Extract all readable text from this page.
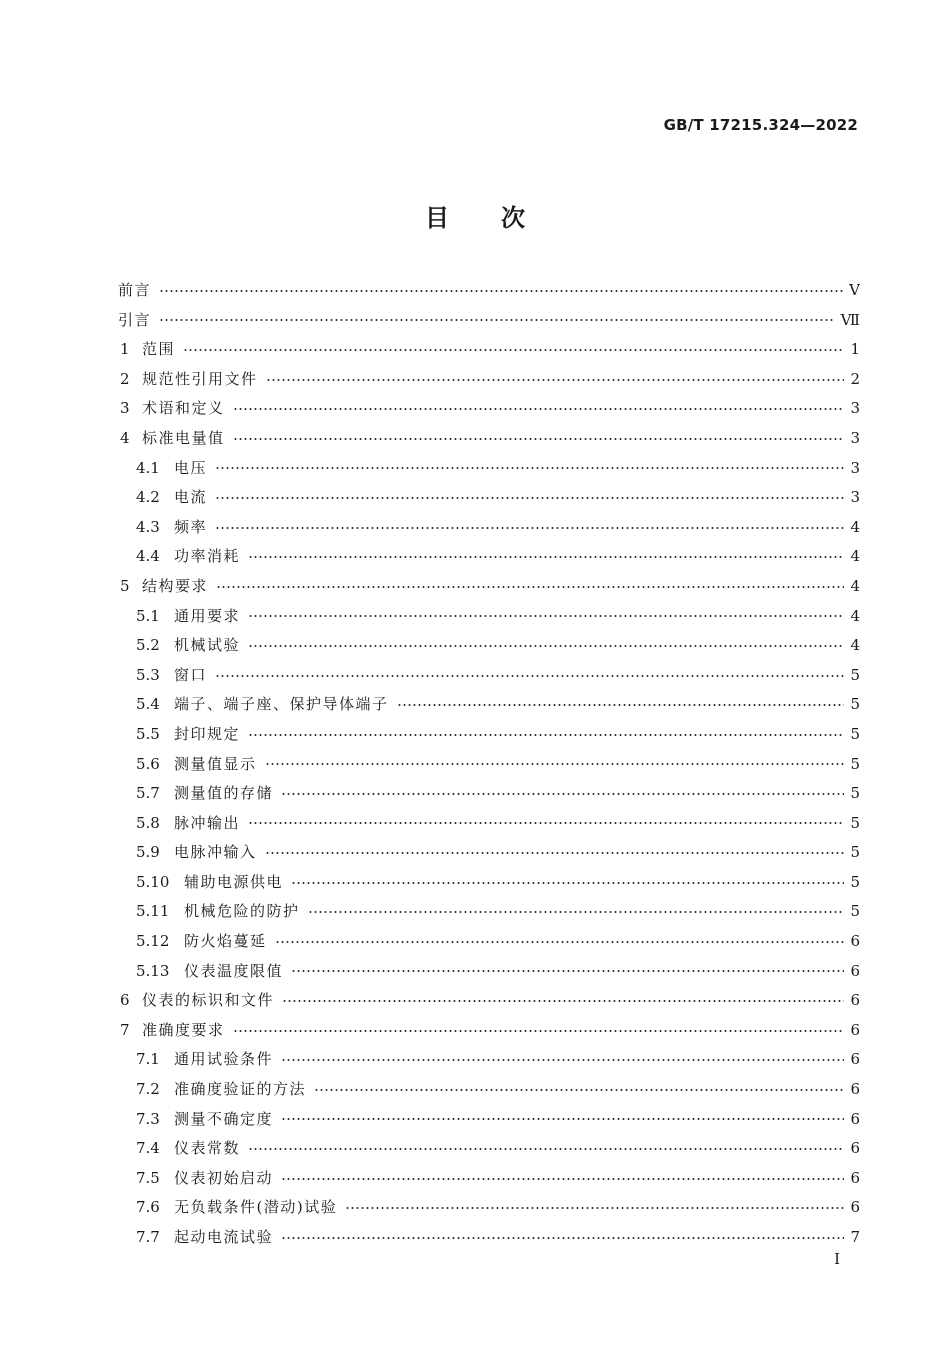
GB/T 17215.324—2022
目次
前言	V
引言	Ⅶ
1 范围	1
2 规范性引用文件	2
3 术语和定义	3
4 标准电量值	3
4.1 电压	3
4.2 电流	3
4.3 频率	4
4.4 功率消耗	4
5 结构要求	4
5.1 通用要求	4
5.2 机械试验	4
5.3 窗口	5
5.4 端子、端子座、保护导体端子	5
5.5 封印规定	5
5.6 测量值显示	5
5.7 测量值的存储	5
5.8 脉冲输出	5
5.9 电脉冲输入	5
5.10 辅助电源供电	5
5.11 机械危险的防护	5
5.12 防火焰蔓延	6
5.13 仪表温度限值	6
6 仪表的标识和文件	6
7 准确度要求	6
7.1 通用试验条件	6
7.2 准确度验证的方法	6
7.3 测量不确定度	6
7.4 仪表常数	6
7.5 仪表初始启动	6
7.6 无负载条件(潜动)试验	6
7.7 起动电流试验	7
I
